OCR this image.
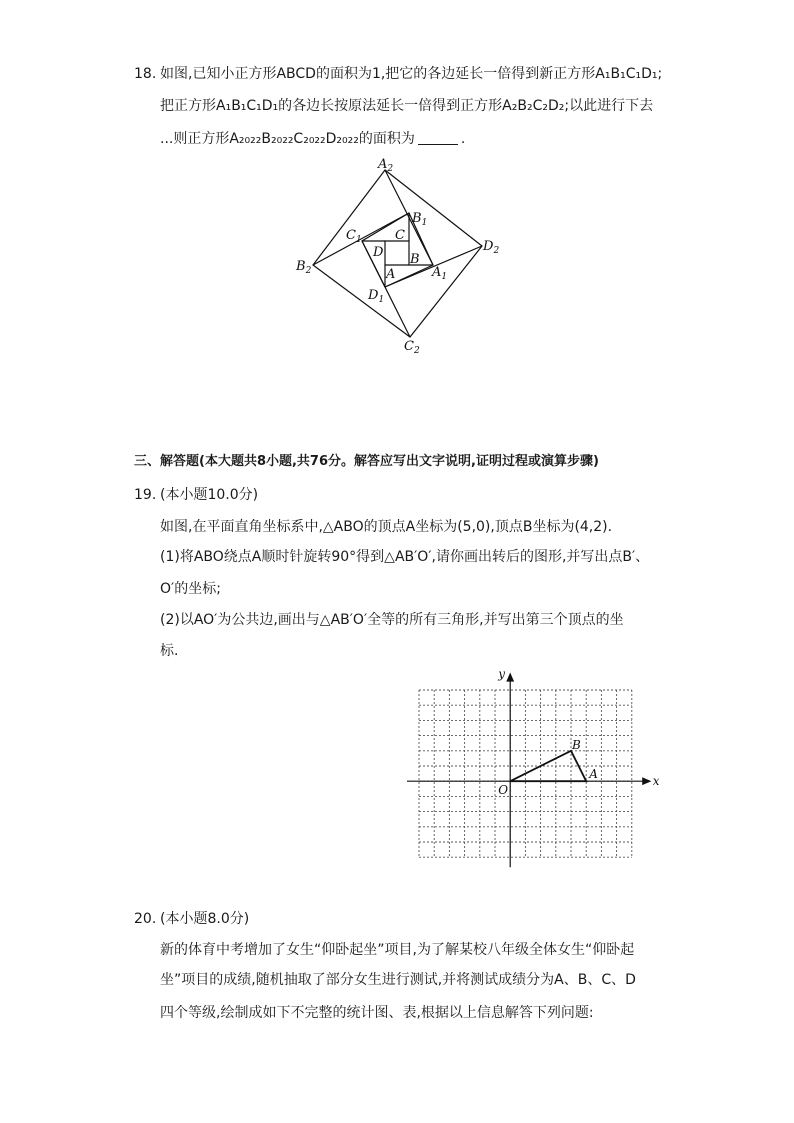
18. 如图,已知小正方形ABCD的面积为1,把它的各边延长一倍得到新正方形A₁B₁C₁D₁;
把正方形A₁B₁C₁D₁的各边长按原法延长一倍得到正方形A₂B₂C₂D₂;以此进行下去
...则正方形A₂₀₂₂B₂₀₂₂C₂₀₂₂D₂₀₂₂的面积为	.
$A_2$
$B_1$
$C_1$	C
D B
A	$A_1$
$D_1$
$B_2$
$D_2$
$C_2$
三、解答题(本大题共8小题,共76分。解答应写出文字说明,证明过程或演算步骤)
19. (本小题10.0分)
如图,在平面直角坐标系中,△ABO的顶点A坐标为(5,0),顶点B坐标为(4,2).
(1)将ABO绕点A顺时针旋转90°得到△AB′O′,请你画出转后的图形,并写出点B′、
O′的坐标;
(2)以AO′为公共边,画出与△AB′O′全等的所有三角形,并写出第三个顶点的坐
标.
y
x
O
A
B
20. (本小题8.0分)
新的体育中考增加了女生“仰卧起坐”项目,为了解某校八年级全体女生“仰卧起
坐”项目的成绩,随机抽取了部分女生进行测试,并将测试成绩分为A、B、C、D
四个等级,绘制成如下不完整的统计图、表,根据以上信息解答下列问题:
